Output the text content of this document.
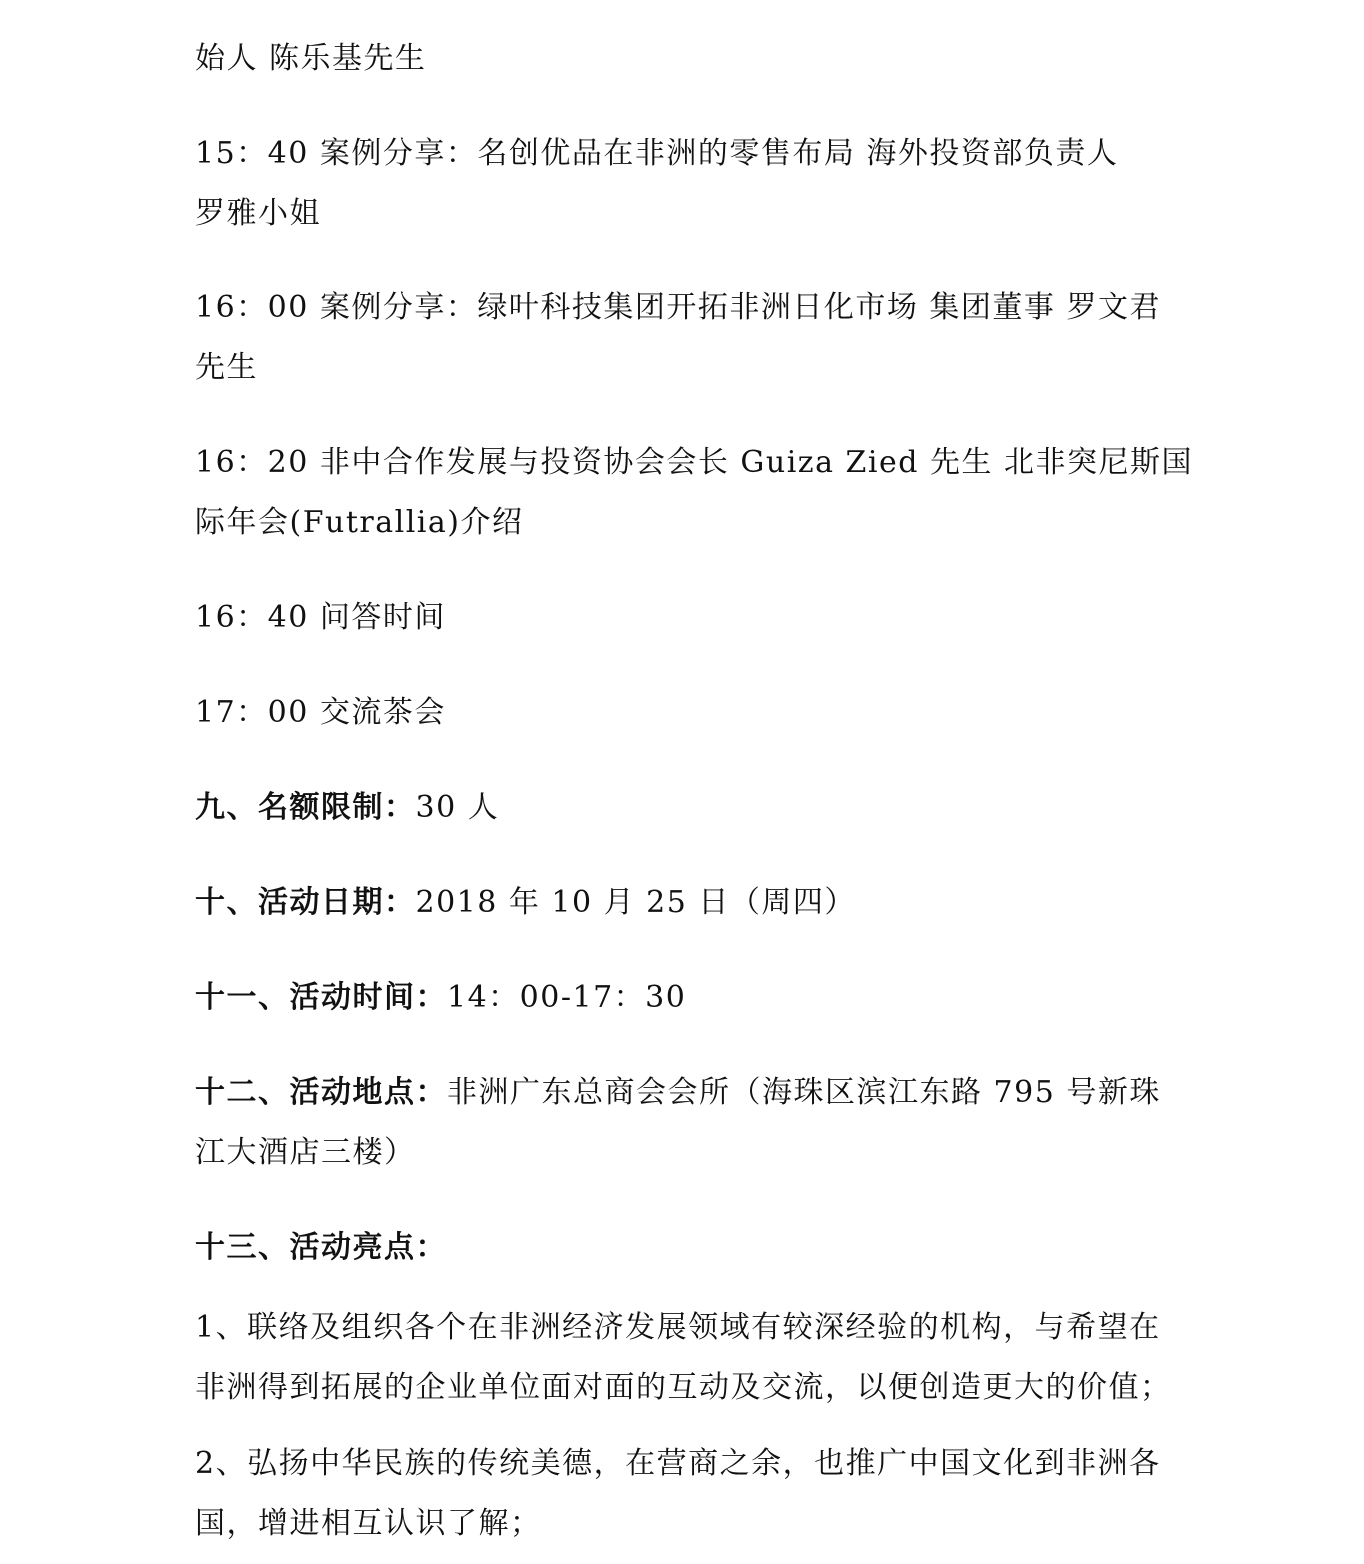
始人 陈乐基先生
15：40 案例分享：名创优品在非洲的零售布局 海外投资部负责人
罗雅小姐
16：00 案例分享：绿叶科技集团开拓非洲日化市场 集团董事 罗文君
先生
16：20 非中合作发展与投资协会会长 Guiza Zied 先生 北非突尼斯国
际年会(Futrallia)介绍
16：40 问答时间
17：00 交流茶会
九、名额限制：30 人
十、活动日期：2018 年 10 月 25 日（周四）
十一、活动时间：14：00-17：30
十二、活动地点：非洲广东总商会会所（海珠区滨江东路 795 号新珠
江大酒店三楼）
十三、活动亮点：
1、联络及组织各个在非洲经济发展领域有较深经验的机构，与希望在
非洲得到拓展的企业单位面对面的互动及交流，以便创造更大的价值；
2、弘扬中华民族的传统美德，在营商之余，也推广中国文化到非洲各
国，增进相互认识了解；
